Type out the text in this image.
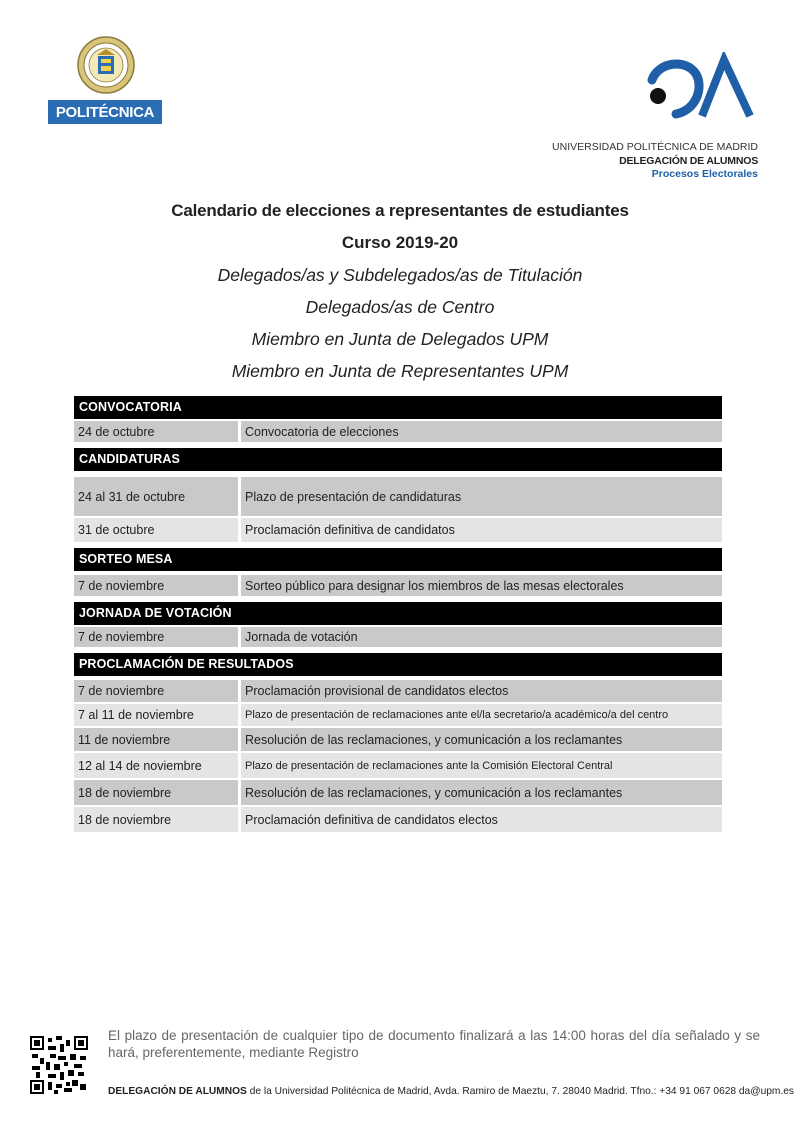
POLITÉCNICA
UNIVERSIDAD POLITÉCNICA DE MADRID
DELEGACIÓN DE ALUMNOS
Procesos Electorales
Calendario de elecciones a representantes de estudiantes
Curso 2019-20
Delegados/as y Subdelegados/as de Titulación
Delegados/as de Centro
Miembro en Junta de Delegados UPM
Miembro en Junta de Representantes UPM
CONVOCATORIA
24 de octubre	Convocatoria de elecciones
CANDIDATURAS
24 al 31 de octubre	Plazo de presentación de candidaturas
31 de octubre	Proclamación definitiva de candidatos
SORTEO MESA
7 de noviembre	Sorteo público para designar los miembros de las mesas electorales
JORNADA DE VOTACIÓN
7 de noviembre	Jornada de votación
PROCLAMACIÓN DE RESULTADOS
7 de noviembre	Proclamación provisional de candidatos electos
7 al 11 de noviembre	Plazo de presentación de reclamaciones ante el/la secretario/a académico/a del centro
11 de noviembre	Resolución de las reclamaciones, y comunicación a los reclamantes
12 al 14 de noviembre	Plazo de presentación de reclamaciones ante la Comisión Electoral Central
18 de noviembre	Resolución de las reclamaciones, y comunicación a los reclamantes
18 de noviembre	Proclamación definitiva de candidatos electos
El plazo de presentación de cualquier tipo de documento finalizará a las 14:00 horas del día señalado y se hará, preferentemente, mediante Registro
DELEGACIÓN DE ALUMNOS de la Universidad Politécnica de Madrid, Avda. Ramiro de Maeztu, 7. 28040 Madrid. Tfno.: +34 91 067 0628 da@upm.es
